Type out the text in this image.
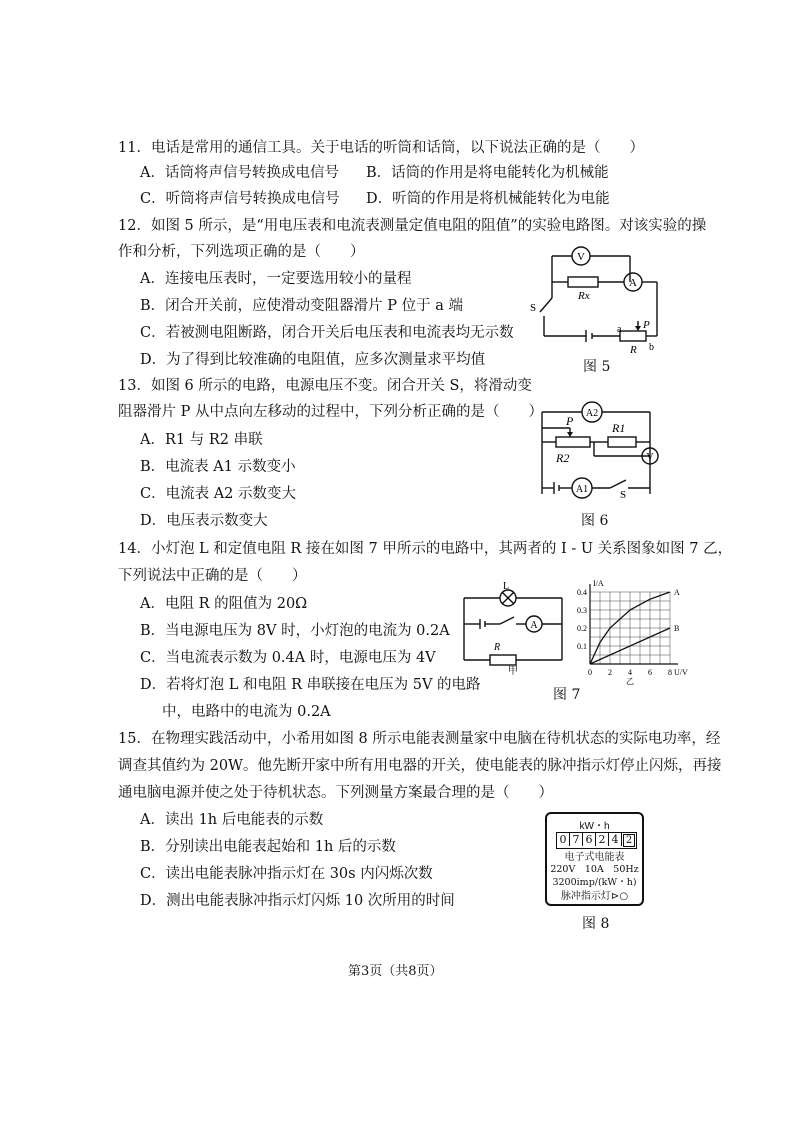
11．电话是常用的通信工具。关于电话的听筒和话筒，以下说法正确的是（　　）
A．话筒将声信号转换成电信号 B．话筒的作用是将电能转化为机械能
C．听筒将声信号转换成电信号 D．听筒的作用是将机械能转化为电能
12．如图 5 所示，是“用电压表和电流表测量定值电阻的阻值”的实验电路图。对该实验的操
作和分析，下列选项正确的是（　　）
A．连接电压表时，一定要选用较小的量程
B．闭合开关前，应使滑动变阻器滑片 P 位于 a 端
C．若被测电阻断路，闭合开关后电压表和电流表均无示数
D．为了得到比较准确的电阻值，应多次测量求平均值
V
A
Rx
S
a P
b
R
图 5
13．如图 6 所示的电路，电源电压不变。闭合开关 S，将滑动变
阻器滑片 P 从中点向左移动的过程中，下列分析正确的是（　　）
A．R1 与 R2 串联
B．电流表 A1 示数变小
C．电流表 A2 示数变大
D．电压表示数变大
A2
P	R1
R2	V
A1	S
图 6
14．小灯泡 L 和定值电阻 R 接在如图 7 甲所示的电路中，其两者的 I - U 关系图象如图 7 乙，
下列说法中正确的是（　　）
A．电阻 R 的阻值为 20Ω
B．当电源电压为 8V 时，小灯泡的电流为 0.2A
C．当电流表示数为 0.4A 时，电源电压为 4V
D．若将灯泡 L 和电阻 R 串联接在电压为 5V 的电路
中，电路中的电流为 0.2A
L
A
R
甲	0 2 4 6 8
0.1
0.2
0.3
0.4
I/A
U/V
乙
A
B
图 7
15．在物理实践活动中，小希用如图 8 所示电能表测量家中电脑在待机状态的实际电功率，经
调查其值约为 20W。他先断开家中所有用电器的开关，使电能表的脉冲指示灯停止闪烁，再接
通电脑电源并使之处于待机状态。下列测量方案最合理的是（　　）
A．读出 1h 后电能表的示数
B．分别读出电能表起始和 1h 后的示数
C．读出电能表脉冲指示灯在 30s 内闪烁次数
D．测出电能表脉冲指示灯闪烁 10 次所用的时间
kW・h
0 7 6 2 4 2
电子式电能表
220V　10A　50Hz
3200imp/(kW・h)
脉冲指示灯⊳○
图 8
第3页（共8页）
